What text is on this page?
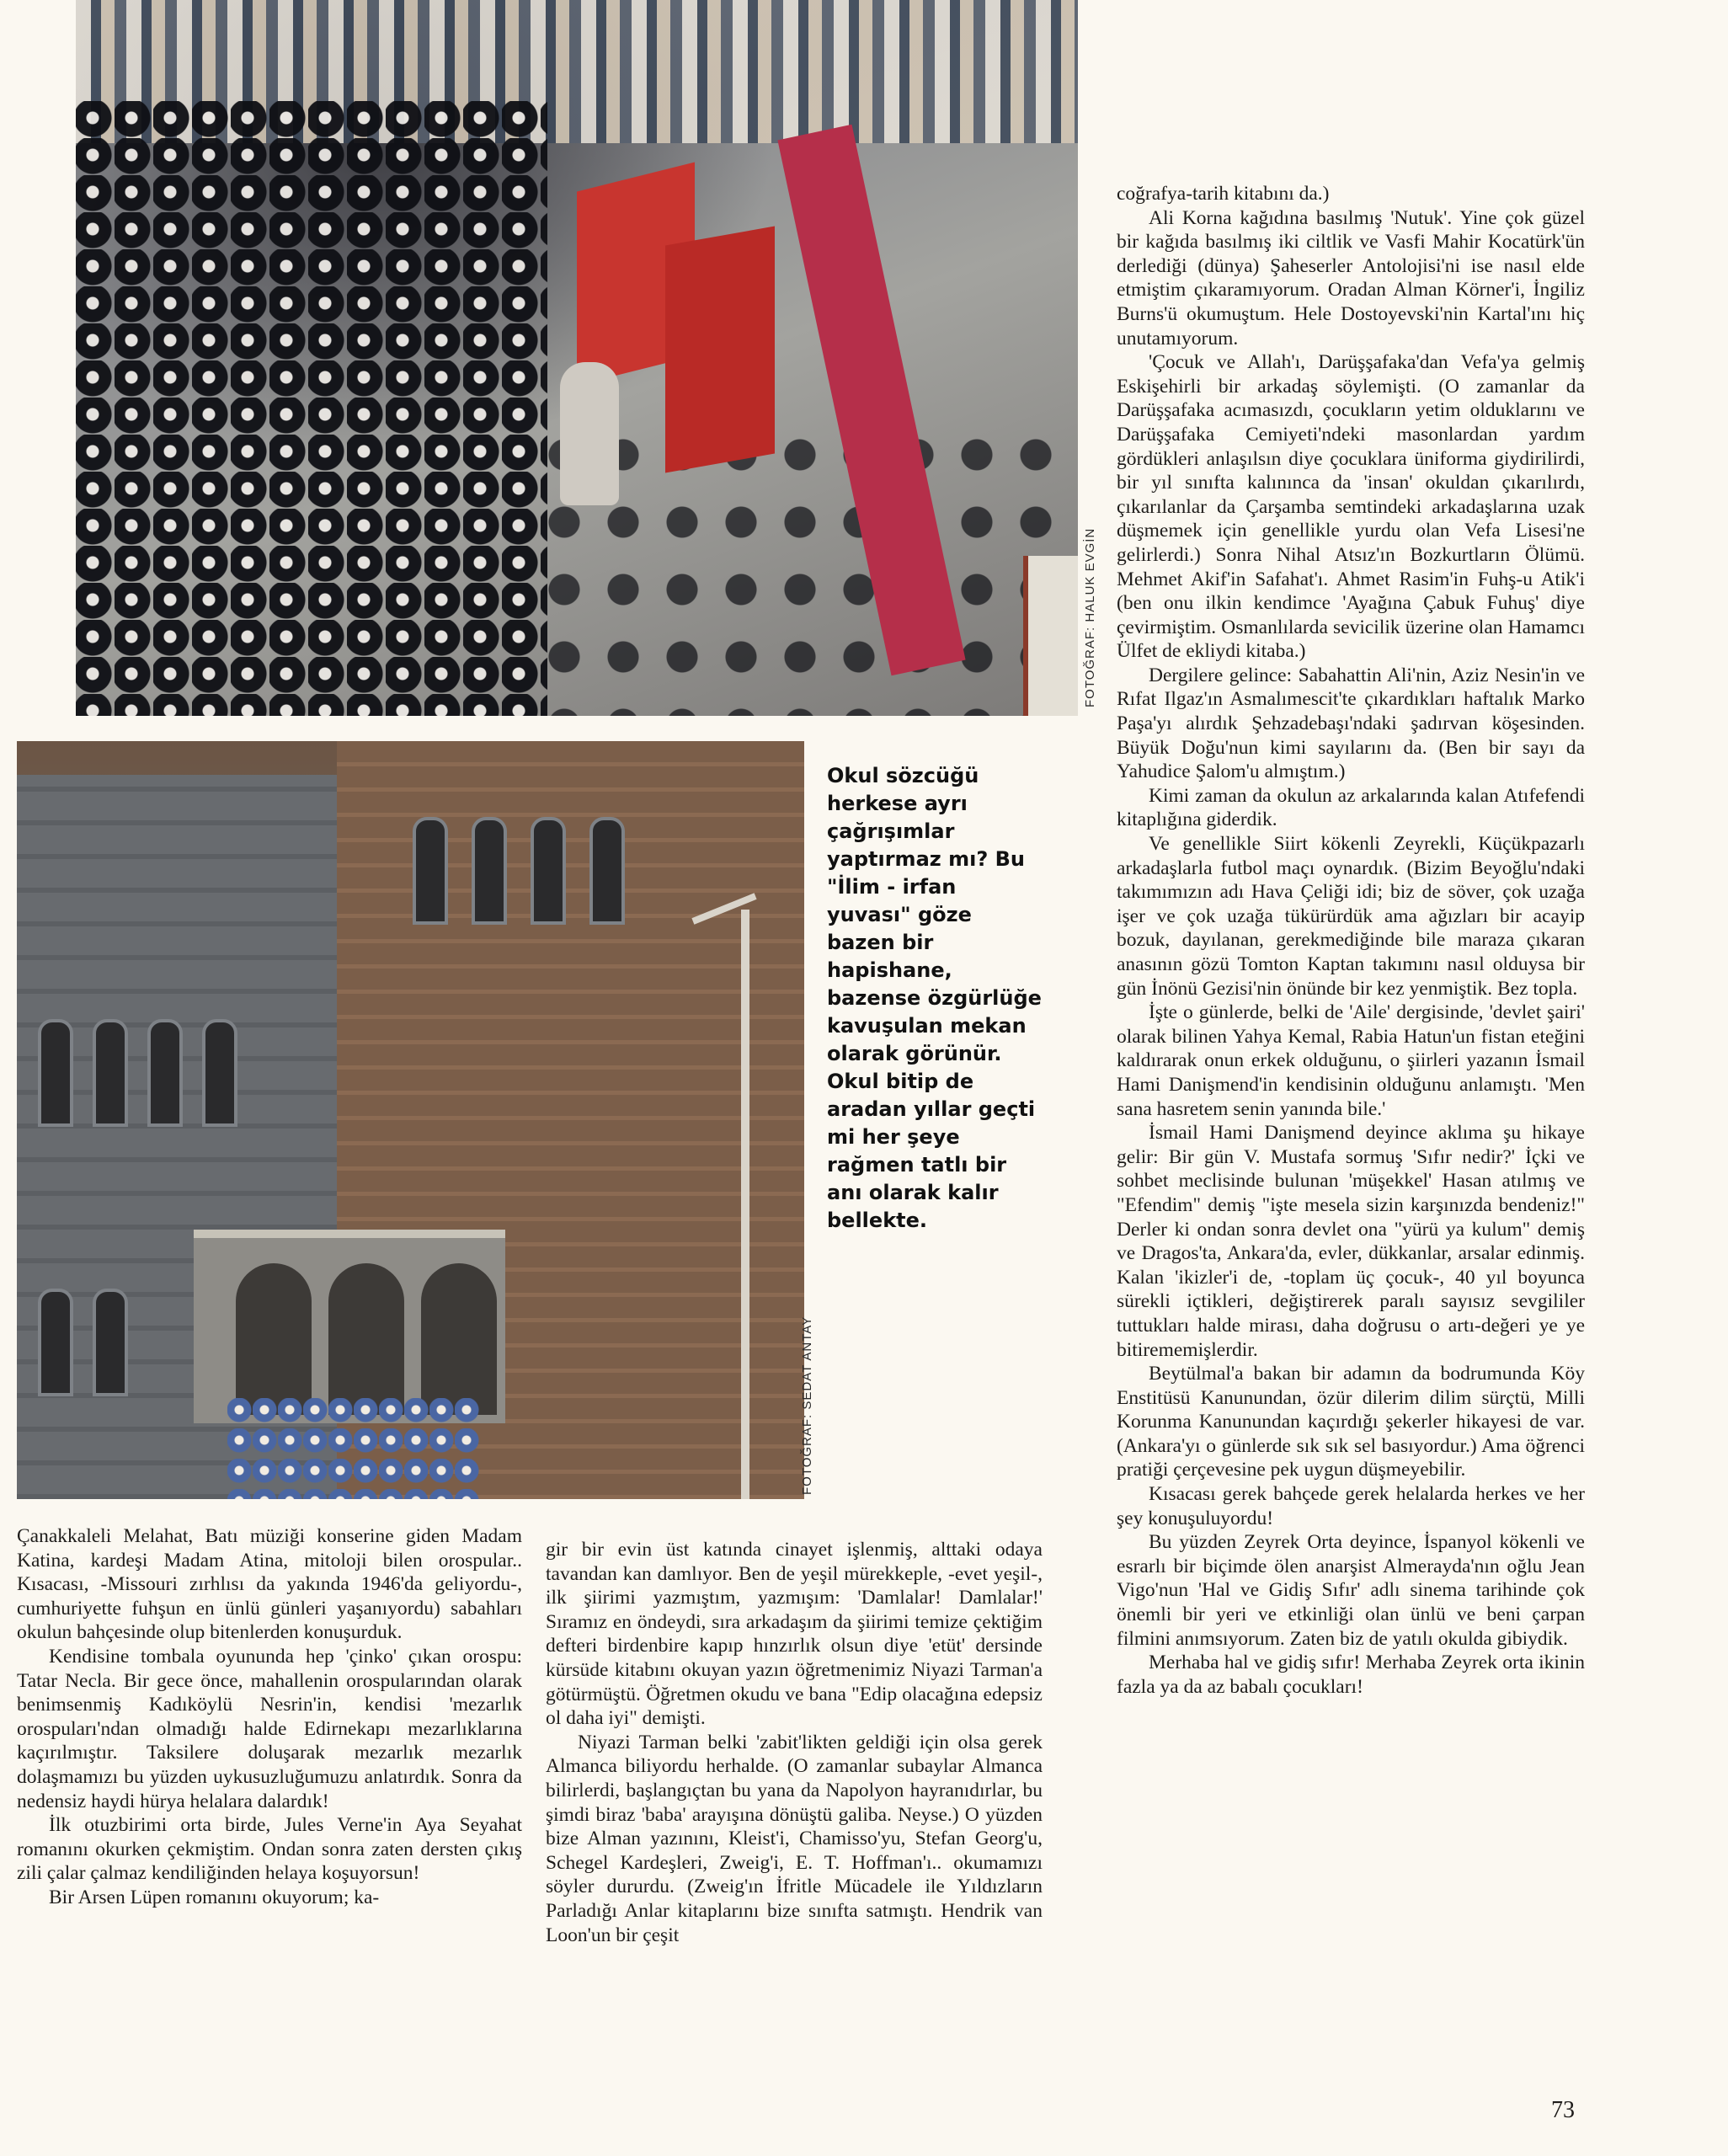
FOTOĞRAF: HALUK EVGİN
FOTOĞRAF: SEDAT ANTAY

Okul sözcüğü herkese ayrı çağrışımlar yaptırmaz mı? Bu "İlim - irfan yuvası" göze bazen bir hapishane, bazense özgürlüğe kavuşulan mekan olarak görünür. Okul bitip de aradan yıllar geçti mi her şeye rağmen tatlı bir anı olarak kalır bellekte.

coğrafya-tarih kitabını da.)

Ali Korna kağıdına basılmış 'Nutuk'. Yine çok güzel bir kağıda basılmış iki ciltlik ve Vasfi Mahir Kocatürk'ün derlediği (dünya) Şaheserler Antolojisi'ni ise nasıl elde etmiştim çıkaramıyorum. Oradan Alman Körner'i, İngiliz Burns'ü okumuştum. Hele Dostoyevski'nin Kartal'ını hiç unutamıyorum.

'Çocuk ve Allah'ı, Darüşşafaka'dan Vefa'ya gelmiş Eskişehirli bir arkadaş söylemişti. (O zamanlar da Darüşşafaka acımasızdı, çocukların yetim olduklarını ve Darüşşafaka Cemiyeti'ndeki masonlardan yardım gördükleri anlaşılsın diye çocuklara üniforma giydirilirdi, bir yıl sınıfta kalınınca da 'insan' okuldan çıkarılırdı, çıkarılanlar da Çarşamba semtindeki arkadaşlarına uzak düşmemek için genellikle yurdu olan Vefa Lisesi'ne gelirlerdi.) Sonra Nihal Atsız'ın Bozkurtların Ölümü. Mehmet Akif'in Safahat'ı. Ahmet Rasim'in Fuhş-u Atik'i (ben onu ilkin kendimce 'Ayağına Çabuk Fuhuş' diye çevirmiştim. Osmanlılarda sevicilik üzerine olan Hamamcı Ülfet de ekliydi kitaba.)

Dergilere gelince: Sabahattin Ali'nin, Aziz Nesin'in ve Rıfat Ilgaz'ın Asmalımescit'te çıkardıkları haftalık Marko Paşa'yı alırdık Şehzadebaşı'ndaki şadırvan köşesinden. Büyük Doğu'nun kimi sayılarını da. (Ben bir sayı da Yahudice Şalom'u almıştım.)

Kimi zaman da okulun az arkalarında kalan Atıfefendi kitaplığına giderdik.

Ve genellikle Siirt kökenli Zeyrekli, Küçükpazarlı arkadaşlarla futbol maçı oynardık. (Bizim Beyoğlu'ndaki takımımızın adı Hava Çeliği idi; biz de söver, çok uzağa işer ve çok uzağa tükürürdük ama ağızları bir acayip bozuk, dayılanan, gerekmediğinde bile maraza çıkaran anasının gözü Tomton Kaptan takımını nasıl olduysa bir gün İnönü Gezisi'nin önünde bir kez yenmiştik. Bez topla.

İşte o günlerde, belki de 'Aile' dergisinde, 'devlet şairi' olarak bilinen Yahya Kemal, Rabia Hatun'un fistan eteğini kaldırarak onun erkek olduğunu, o şiirleri yazanın İsmail Hami Danişmend'in kendisinin olduğunu anlamıştı. 'Men sana hasretem senin yanında bile.'

İsmail Hami Danişmend deyince aklıma şu hikaye gelir: Bir gün V. Mustafa sormuş 'Sıfır nedir?' İçki ve sohbet meclisinde bulunan 'müşekkel' Hasan atılmış ve "Efendim" demiş "işte mesela sizin karşınızda bendeniz!" Derler ki ondan sonra devlet ona "yürü ya kulum" demiş ve Dragos'ta, Ankara'da, evler, dükkanlar, arsalar edinmiş. Kalan 'ikizler'i de, -toplam üç çocuk-, 40 yıl boyunca sürekli içtikleri, değiştirerek paralı sayısız sevgililer tuttukları halde mirası, daha doğrusu o artı-değeri ye ye bitirememişlerdir.

Beytülmal'a bakan bir adamın da bodrumunda Köy Enstitüsü Kanunundan, özür dilerim dilim sürçtü, Milli Korunma Kanunundan kaçırdığı şekerler hikayesi de var. (Ankara'yı o günlerde sık sık sel basıyordur.) Ama öğrenci pratiği çerçevesine pek uygun düşmeyebilir.

Kısacası gerek bahçede gerek helalarda herkes ve her şey konuşuluyordu!

Bu yüzden Zeyrek Orta deyince, İspanyol kökenli ve esrarlı bir biçimde ölen anarşist Almerayda'nın oğlu Jean Vigo'nun 'Hal ve Gidiş Sıfır' adlı sinema tarihinde çok önemli bir yeri ve etkinliği olan ünlü ve beni çarpan filmini anımsıyorum. Zaten biz de yatılı okulda gibiydik.

Merhaba hal ve gidiş sıfır! Merhaba Zeyrek orta ikinin fazla ya da az babalı çocukları!

Çanakkaleli Melahat, Batı müziği konserine giden Madam Katina, kardeşi Madam Atina, mitoloji bilen orospular.. Kısacası, -Missouri zırhlısı da yakında 1946'da geliyordu-, cumhuriyette fuhşun en ünlü günleri yaşanıyordu) sabahları okulun bahçesinde olup bitenlerden konuşurduk.

Kendisine tombala oyununda hep 'çinko' çıkan orospu: Tatar Necla. Bir gece önce, mahallenin orospularından olarak benimsenmiş Kadıköylü Nesrin'in, kendisi 'mezarlık orospuları'ndan olmadığı halde Edirnekapı mezarlıklarına kaçırılmıştır. Taksilere doluşarak mezarlık mezarlık dolaşmamızı bu yüzden uykusuzluğumuzu anlatırdık. Sonra da nedensiz haydi hürya helalara dalardık!

İlk otuzbirimi orta birde, Jules Verne'in Aya Seyahat romanını okurken çekmiştim. Ondan sonra zaten dersten çıkış zili çalar çalmaz kendiliğinden helaya koşuyorsun!

Bir Arsen Lüpen romanını okuyorum; ka-

gir bir evin üst katında cinayet işlenmiş, alttaki odaya tavandan kan damlıyor. Ben de yeşil mürekkeple, -evet yeşil-, ilk şiirimi yazmıştım, yazmışım: 'Damlalar! Damlalar!' Sıramız en öndeydi, sıra arkadaşım da şiirimi temize çektiğim defteri birdenbire kapıp hınzırlık olsun diye 'etüt' dersinde kürsüde kitabını okuyan yazın öğretmenimiz Niyazi Tarman'a götürmüştü. Öğretmen okudu ve bana "Edip olacağına edepsiz ol daha iyi" demişti.

Niyazi Tarman belki 'zabit'likten geldiği için olsa gerek Almanca biliyordu herhalde. (O zamanlar subaylar Almanca bilirlerdi, başlangıçtan bu yana da Napolyon hayranıdırlar, bu şimdi biraz 'baba' arayışına dönüştü galiba. Neyse.) O yüzden bize Alman yazınını, Kleist'i, Chamisso'yu, Stefan Georg'u, Schegel Kardeşleri, Zweig'i, E. T. Hoffman'ı.. okumamızı söyler dururdu. (Zweig'ın İfritle Mücadele ile Yıldızların Parladığı Anlar kitaplarını bize sınıfta satmıştı. Hendrik van Loon'un bir çeşit

73
